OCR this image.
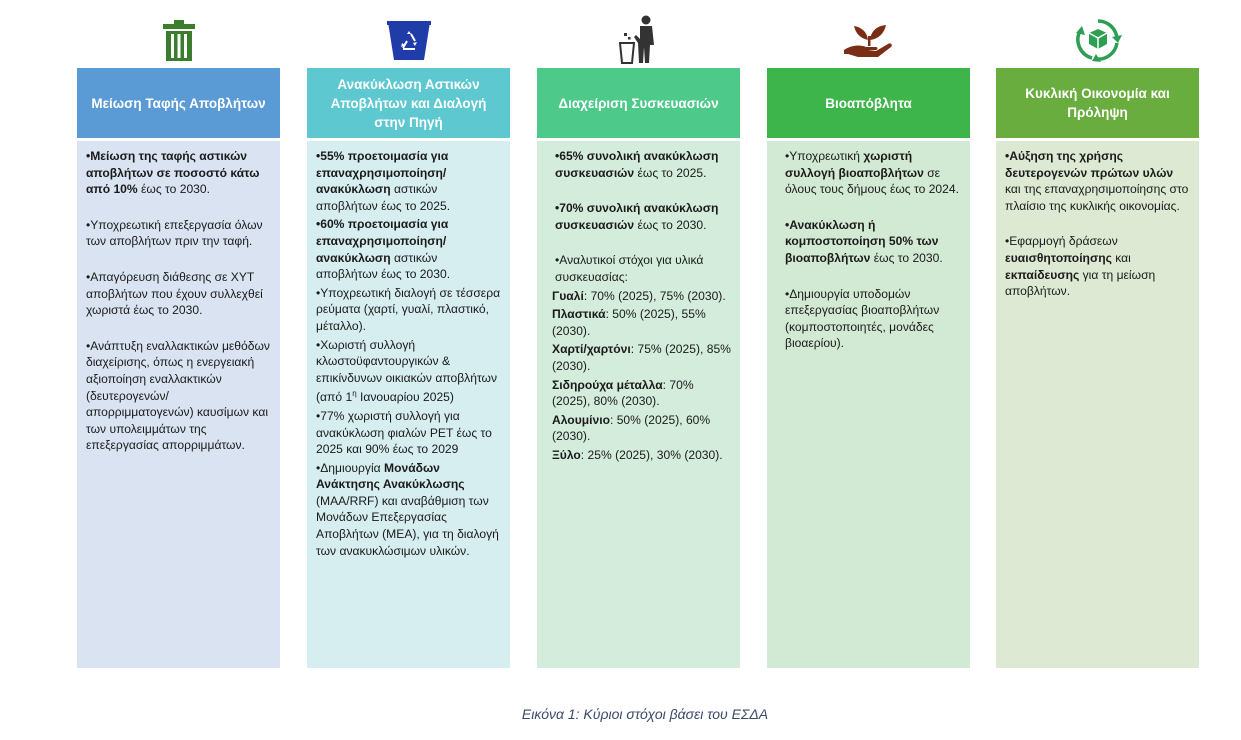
Μείωση Ταφής Αποβλήτων
•Μείωση της ταφής αστικών αποβλήτων σε ποσοστό κάτω από 10% έως το 2030.
•Υποχρεωτική επεξεργασία όλων των αποβλήτων πριν την ταφή.
•Απαγόρευση διάθεσης σε ΧΥΤ αποβλήτων που έχουν συλλεχθεί χωριστά έως το 2030.
•Ανάπτυξη εναλλακτικών μεθόδων διαχείρισης, όπως η ενεργειακή αξιοποίηση εναλλακτικών (δευτερογενών/απορριμματογενών) καυσίμων και των υπολειμμάτων της επεξεργασίας απορριμμάτων.
Ανακύκλωση Αστικών Αποβλήτων και Διαλογή στην Πηγή
•55% προετοιμασία για επαναχρησιμοποίηση/ανακύκλωση αστικών αποβλήτων έως το 2025.
•60% προετοιμασία για επαναχρησιμοποίηση/ανακύκλωση αστικών αποβλήτων έως το 2030.
•Υποχρεωτική διαλογή σε τέσσερα ρεύματα (χαρτί, γυαλί, πλαστικό, μέταλλο).
•Χωριστή συλλογή κλωστοϋφαντουργικών & επικίνδυνων οικιακών αποβλήτων (από $1^\eta$ Ιανουαρίου 2025)
•77% χωριστή συλλογή για ανακύκλωση φιαλών PET έως το 2025 και 90% έως το 2029
•Δημιουργία Μονάδων Ανάκτησης Ανακύκλωσης (ΜΑΑ/RRF) και αναβάθμιση των Μονάδων Επεξεργασίας Αποβλήτων (ΜΕΑ), για τη διαλογή των ανακυκλώσιμων υλικών.
Διαχείριση Συσκευασιών
•65% συνολική ανακύκλωση συσκευασιών έως το 2025.
•70% συνολική ανακύκλωση συσκευασιών έως το 2030.
•Αναλυτικοί στόχοι για υλικά συσκευασίας:
Γυαλί: 70% (2025), 75% (2030).
Πλαστικά: 50% (2025), 55% (2030).
Χαρτί/χαρτόνι: 75% (2025), 85% (2030).
Σιδηρούχα μέταλλα: 70% (2025), 80% (2030).
Αλουμίνιο: 50% (2025), 60% (2030).
Ξύλο: 25% (2025), 30% (2030).
Βιοαπόβλητα
•Υποχρεωτική χωριστή συλλογή βιοαποβλήτων σε όλους τους δήμους έως το 2024.
•Ανακύκλωση ή κομποστοποίηση 50% των βιοαποβλήτων έως το 2030.
•Δημιουργία υποδομών επεξεργασίας βιοαποβλήτων (κομποστοποιητές, μονάδες βιοαερίου).
Κυκλική Οικονομία και Πρόληψη
•Αύξηση της χρήσης δευτερογενών πρώτων υλών και της επαναχρησιμοποίησης στο πλαίσιο της κυκλικής οικονομίας.
•Εφαρμογή δράσεων ευαισθητοποίησης και εκπαίδευσης για τη μείωση αποβλήτων.
Εικόνα 1: Κύριοι στόχοι βάσει του ΕΣΔΑ
